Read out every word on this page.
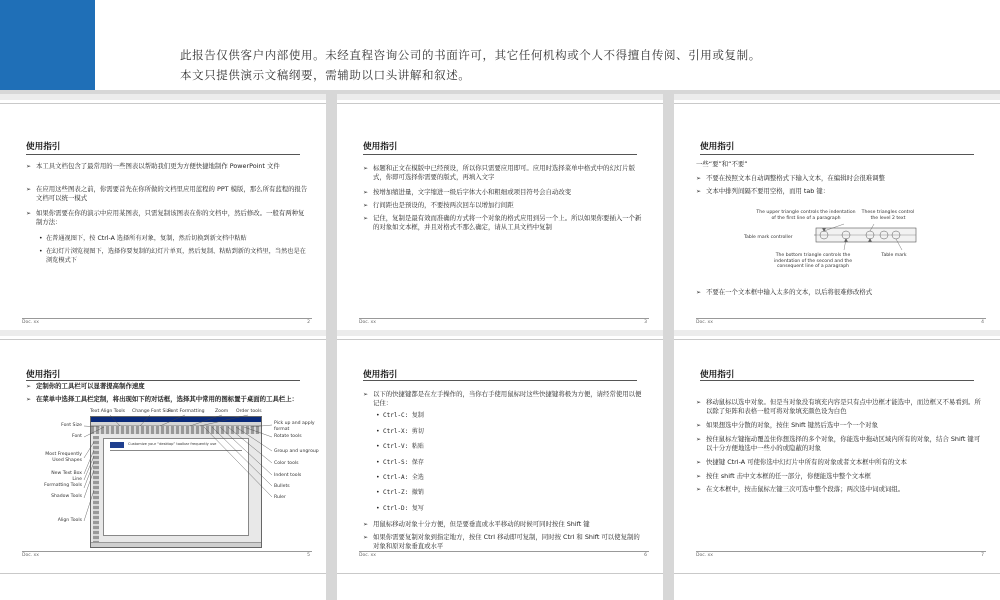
此报告仅供客户内部使用。未经直程咨询公司的书面许可，其它任何机构或个人不得擅自传阅、引用或复制。
本文只提供演示文稿纲要，需辅助以口头讲解和叙述。
使用指引
➢ 本工具文档包含了最常用的一些图表以帮助我们更为方便快捷地制作 PowerPoint 文件
➢ 在应用这些图表之前，你需要首先在你所做的文档里应用蓝程的 PPT 模版，那么所有蓝程的报告文档可以统一模式
➢ 如果你需要在你的演示中应用某图表，只需复制该图表在你的文档中，然后修改。一般有两种复制方法：
• 在普通视图下，按 Ctrl-A 选择所有对象，复制，然后切换到新文档中粘贴
• 在幻灯片浏览视图下，选择你要复制的幻灯片单页，然后复制、粘贴到新的文档里，当然也是在浏览模式下
Doc. xx	2
使用指引
➢ 标题和正文在模版中已经预设，所以你只需要应用即可。应用时选择菜单中格式中的幻灯片版式，你即可选择你需要的版式，再填入文字
➢ 按增加缩进量，文字缩进一级后字体大小和粗细或项目符号会自动改变
➢ 行间距也是预设的，不要按两次回车以增加行间距
➢ 记住，复制是最有效而准确的方式将一个对象的格式应用到另一个上。所以如果你要插入一个新的对象如文本框，并且对格式不那么确定，请从工具文档中复制
Doc. xx	3
使用指引
一些“要”和“不要”
➢ 不要在按照文本自动调整格式下输入文本，在编辑时会很难调整
➢ 文本中排列间隔不要用空格，而用 tab 键：
The upper triangle controls the indentation of the first line of a paragraph
These triangles control the level 2 text
Table mark controller
The bottom triangle controls the indentation of the second and the consequent line of a paragraph
Table mark
➢ 不要在一个文本框中输入太多的文本，以后将很难修改格式
Doc. xx	4
使用指引
➢ 定制你的工具栏可以显著提高制作速度
➢ 在菜单中选择工具栏定制，将出现如下的对话框，选择其中常用的图标置于桌面的工具栏上：
Text Align Tools Change Font Size
Font Formatting Zoom Order tools
Font Size
Font
Most Frequently Used Shapes
New Text Box
Line
Formatting Tools
Shadow Tools
Align Tools
Customize your “desktop” toolbar frequently use
Pick up and apply format
Rotate tools
Group and ungroup
Color tools
Indent tools
Bullets
Ruler
Doc. xx	5
使用指引
➢ 以下的快捷键都是在左手操作的，当你右手使用鼠标时这些快捷键将极为方便，请经常使用以便记住：
• Ctrl-C: 复制
• Ctrl-X: 剪切
• Ctrl-V: 粘贴
• Ctrl-S: 保存
• Ctrl-A: 全选
• Ctrl-Z: 撤销
• Ctrl-D: 复写
➢ 用鼠标移动对象十分方便，但是要垂直或水平移动的时候可同时按住 Shift 键
➢ 如果你需要复制对象到指定地方，按住 Ctrl 移动即可复制，同时按 Ctrl 和 Shift 可以使复制的对象和原对象垂直或水平
Doc. xx	6
使用指引
➢ 移动鼠标以选中对象。但是当对象没有填充内容是只有点中边框才能选中，而边框又不易看到。所以除了矩阵和表格一般可将对象填充颜色设为白色
➢ 如果想选中分散的对象，按住 Shift 键然后选中一个一个对象
➢ 按住鼠标左键拖动覆盖住你想选择的多个对象，你能选中拖动区域内所有的对象，结合 Shift 键可以十分方便地选中一些小的或隐蔽的对象
➢ 快捷键 Ctrl-A 可使你选中幻灯片中所有的对象或者文本框中所有的文本
➢ 按住 shift 击中文本框的任一部分，你便能选中整个文本框
➢ 在文本框中，按击鼠标左键三次可选中整个段落；两次选中词或词组。
Doc. xx	7
